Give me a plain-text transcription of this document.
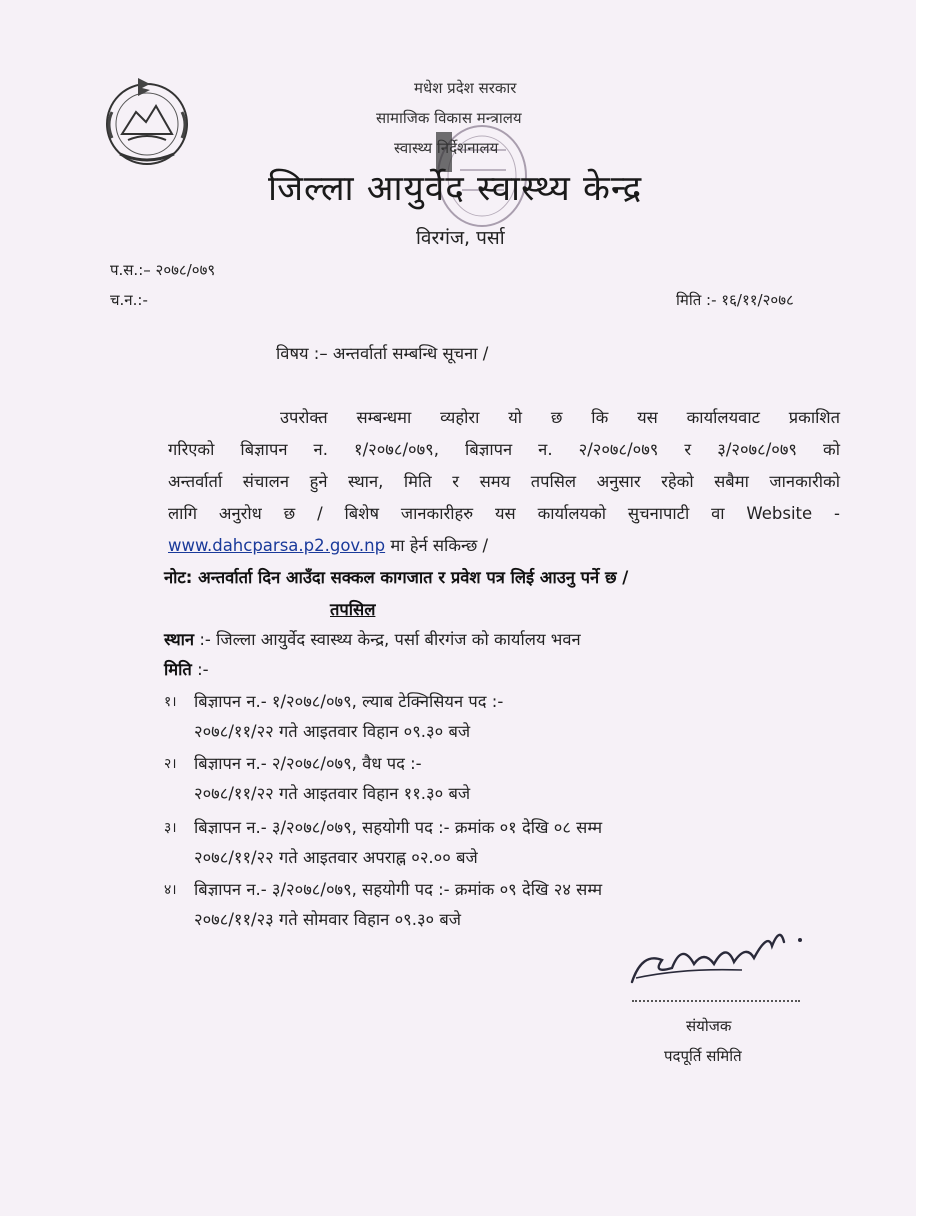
मधेश प्रदेश सरकार
सामाजिक विकास मन्त्रालय
स्वास्थ्य निर्देशनालय
जिल्ला आयुर्वेद स्वास्थ्य केन्द्र
विरगंज, पर्सा
प.स.:– २०७८/०७९
च.न.:-	मिति :- १६/११/२०७८
विषय :– अन्तर्वार्ता सम्बन्धि सूचना /
उपरोक्त सम्बन्धमा व्यहोरा यो छ कि यस कार्यालयवाट प्रकाशित
गरिएको बिज्ञापन न. १/२०७८/०७९, बिज्ञापन न. २/२०७८/०७९ र ३/२०७८/०७९ को
अन्तर्वार्ता संचालन हुने स्थान, मिति र समय तपसिल अनुसार रहेको सबैमा जानकारीको
लागि अनुरोध छ / बिशेष जानकारीहरु यस कार्यालयको सुचनापाटी वा Website -
www.dahcparsa.p2.gov.np मा हेर्न सकिन्छ /
नोट: अन्तर्वार्ता दिन आउँदा सक्कल कागजात र प्रवेश पत्र लिई आउनु पर्ने छ /
तपसिल
स्थान :- जिल्ला आयुर्वेद स्वास्थ्य केन्द्र, पर्सा बीरगंज को कार्यालय भवन
मिति :-
१। बिज्ञापन न.- १/२०७८/०७९, ल्याब टेक्निसियन पद :-
२०७८/११/२२ गते आइतवार विहान ०९.३० बजे
२। बिज्ञापन न.- २/२०७८/०७९, वैध पद :-
२०७८/११/२२ गते आइतवार विहान ११.३० बजे
३। बिज्ञापन न.- ३/२०७८/०७९, सहयोगी पद :- क्रमांक ०१ देखि ०८ सम्म
२०७८/११/२२ गते आइतवार अपराह्न ०२.०० बजे
४। बिज्ञापन न.- ३/२०७८/०७९, सहयोगी पद :- क्रमांक ०९ देखि २४ सम्म
२०७८/११/२३ गते सोमवार विहान ०९.३० बजे
संयोजक
पदपूर्ति समिति
